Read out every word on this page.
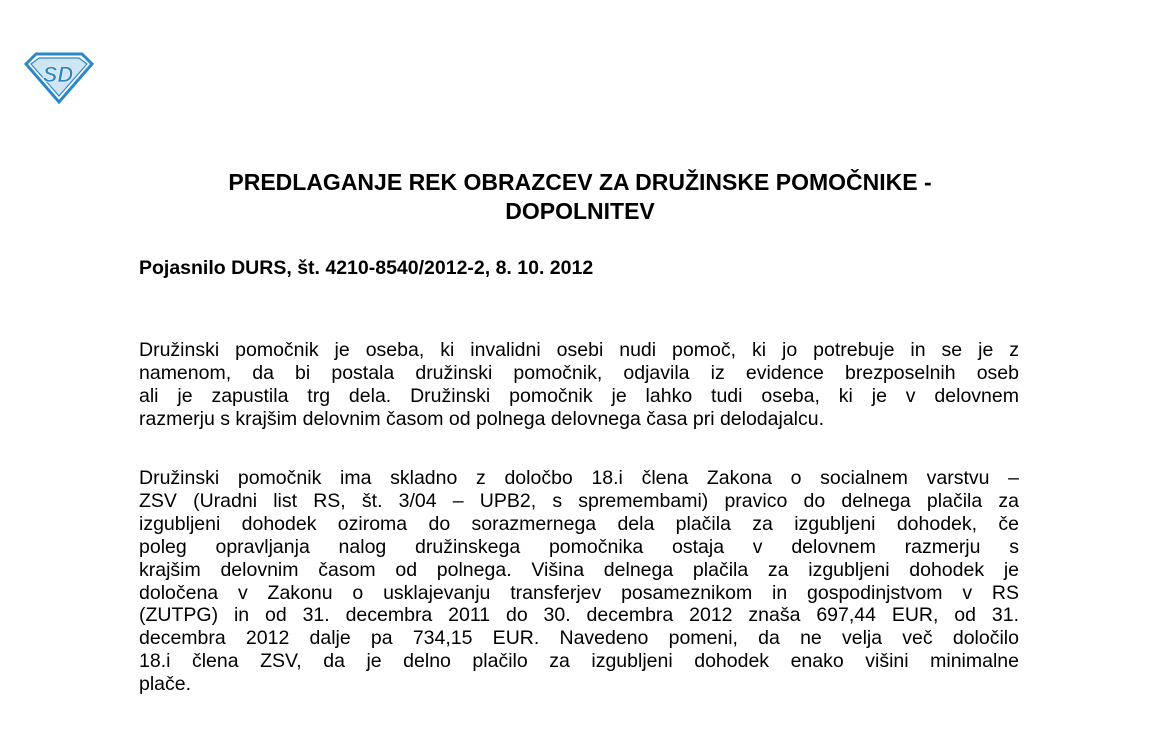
SD
PREDLAGANJE REK OBRAZCEV ZA DRUŽINSKE POMOČNIKE -
DOPOLNITEV

Pojasnilo DURS, št. 4210-8540/2012-2, 8. 10. 2012

Družinski pomočnik je oseba, ki invalidni osebi nudi pomoč, ki jo potrebuje in se je z
namenom, da bi postala družinski pomočnik, odjavila iz evidence brezposelnih oseb
ali je zapustila trg dela. Družinski pomočnik je lahko tudi oseba, ki je v delovnem
razmerju s krajšim delovnim časom od polnega delovnega časa pri delodajalcu.
Družinski pomočnik ima skladno z določbo 18.i člena Zakona o socialnem varstvu –
ZSV (Uradni list RS, št. 3/04 – UPB2, s spremembami) pravico do delnega plačila za
izgubljeni dohodek oziroma do sorazmernega dela plačila za izgubljeni dohodek, če
poleg opravljanja nalog družinskega pomočnika ostaja v delovnem razmerju s
krajšim delovnim časom od polnega. Višina delnega plačila za izgubljeni dohodek je
določena v Zakonu o usklajevanju transferjev posameznikom in gospodinjstvom v RS
(ZUTPG) in od 31. decembra 2011 do 30. decembra 2012 znaša 697,44 EUR, od 31.
decembra 2012 dalje pa 734,15 EUR. Navedeno pomeni, da ne velja več določilo
18.i člena ZSV, da je delno plačilo za izgubljeni dohodek enako višini minimalne
plače.
